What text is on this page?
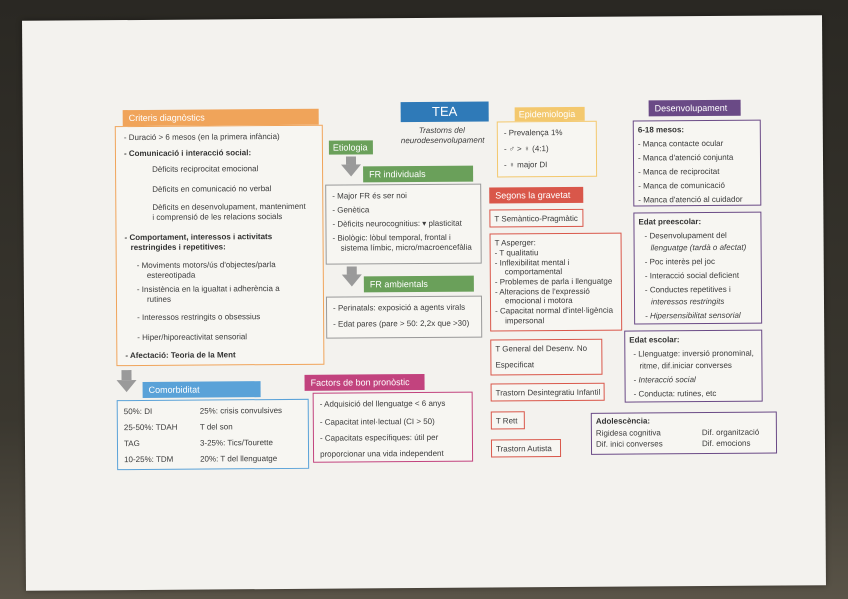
TEA
Trastorns del
neurodesenvolupament
Criteris diagnòstics
- Duració > 6 mesos (en la primera infància)
- Comunicació i interacció social:
Dèficits reciprocitat emocional
Dèficits en comunicació no verbal
Dèficits en desenvolupament, manteniment
i comprensió de les relacions socials
- Comportament, interessos i activitats
restringides i repetitives:
- Moviments motors/ús d'objectes/parla
estereotipada
- Insistència en la igualtat i adherència a
rutines
- Interessos restringits o obsessius
- Hiper/hiporeactivitat sensorial
- Afectació: Teoria de la Ment
Comorbiditat
50%: DI	25%: crisis convulsives
25-50%: TDAH	T del son
TAG	3-25%: Tics/Tourette
10-25%: TDM	20%: T del llenguatge
Etiologia
FR individuals
- Major FR és ser noi
- Genètica
- Dèficits neurocognitius: ▾ plasticitat
- Biològic: lòbul temporal, frontal i
sistema límbic, micro/macroencefàlia
FR ambientals
- Perinatals: exposició a agents virals
- Edat pares (pare > 50: 2,2x que >30)
Factors de bon pronòstic
- Adquisició del llenguatge < 6 anys
- Capacitat intel·lectual (CI > 50)
- Capacitats específiques: útil per
proporcionar una vida independent
Epidemiologia
- Prevalença 1%
- ♂ > ♀ (4:1)
- ♀ major DI
Segons la gravetat
T Semàntico-Pragmàtic
T Asperger:
- T qualitatiu
- Inflexibilitat mental i
comportamental
- Problemes de parla i llenguatge
- Alteracions de l'expressió
emocional i motora
- Capacitat normal d'intel·ligència
impersonal
T General del Desenv. No
Especificat
Trastorn Desintegratiu Infantil
T Rett
Trastorn Autista
Desenvolupament
6-18 mesos:
- Manca contacte ocular
- Manca d'atenció conjunta
- Manca de reciprocitat
- Manca de comunicació
- Manca d'atenció al cuidador
Edat preescolar:
- Desenvolupament del
llenguatge (tardà o afectat)
- Poc interès pel joc
- Interacció social deficient
- Conductes repetitives i
interessos restringits
- Hipersensibilitat sensorial
Edat escolar:
- Llenguatge: inversió pronominal,
ritme, dif.iniciar converses
- Interacció social
- Conducta: rutines, etc
Adolescència:
Rigidesa cognitiva	Dif. organització
Dif. inici converses	Dif. emocions
